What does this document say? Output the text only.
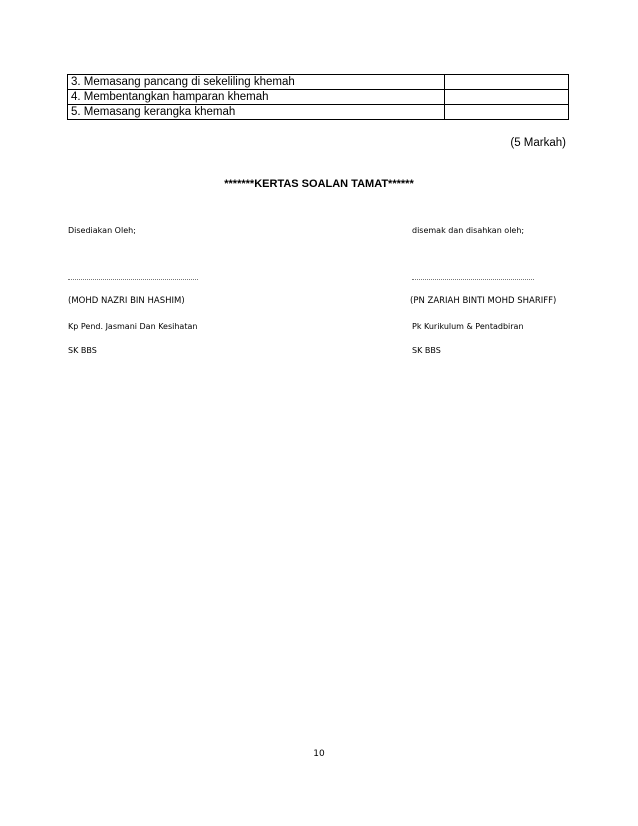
3. Memasang pancang di sekeliling khemah	
4. Membentangkan hamparan khemah	
5. Memasang kerangka khemah	
(5 Markah)
*******KERTAS SOALAN TAMAT******
Disediakan Oleh;
(MOHD NAZRI BIN HASHIM)
Kp Pend. Jasmani Dan Kesihatan
SK BBS
disemak dan disahkan oleh;
(PN ZARIAH BINTI MOHD SHARIFF)
Pk Kurikulum & Pentadbiran
SK BBS
10
